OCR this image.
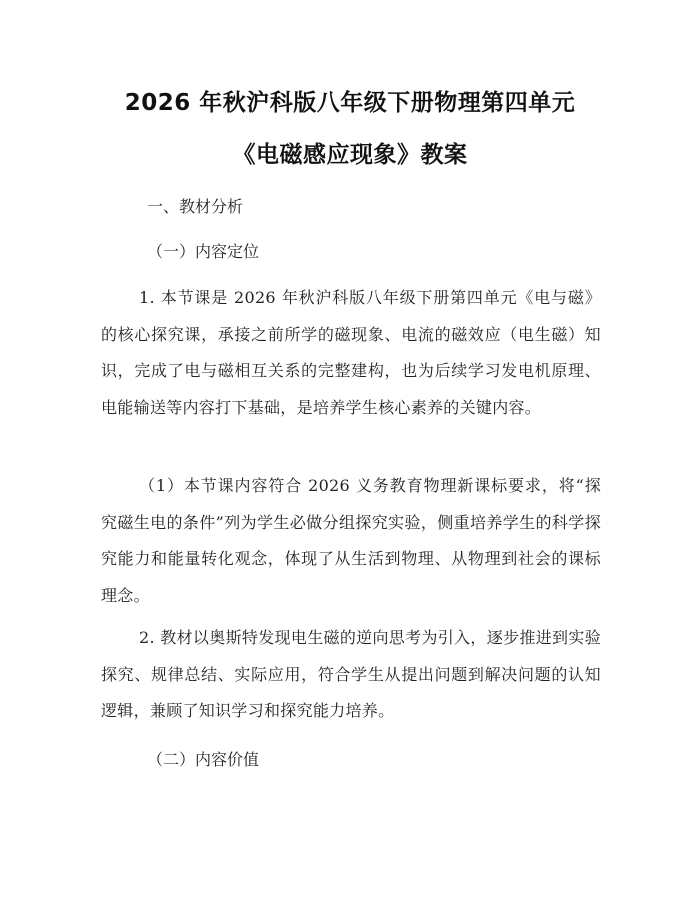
2026 年秋沪科版八年级下册物理第四单元
《电磁感应现象》教案
一、教材分析
（一）内容定位
1. 本节课是 2026 年秋沪科版八年级下册第四单元《电与磁》的核心探究课，承接之前所学的磁现象、电流的磁效应（电生磁）知识，完成了电与磁相互关系的完整建构，也为后续学习发电机原理、电能输送等内容打下基础，是培养学生核心素养的关键内容。
（1）本节课内容符合 2026 义务教育物理新课标要求，将“探究磁生电的条件”列为学生必做分组探究实验，侧重培养学生的科学探究能力和能量转化观念，体现了从生活到物理、从物理到社会的课标理念。
2. 教材以奥斯特发现电生磁的逆向思考为引入，逐步推进到实验探究、规律总结、实际应用，符合学生从提出问题到解决问题的认知逻辑，兼顾了知识学习和探究能力培养。
（二）内容价值
